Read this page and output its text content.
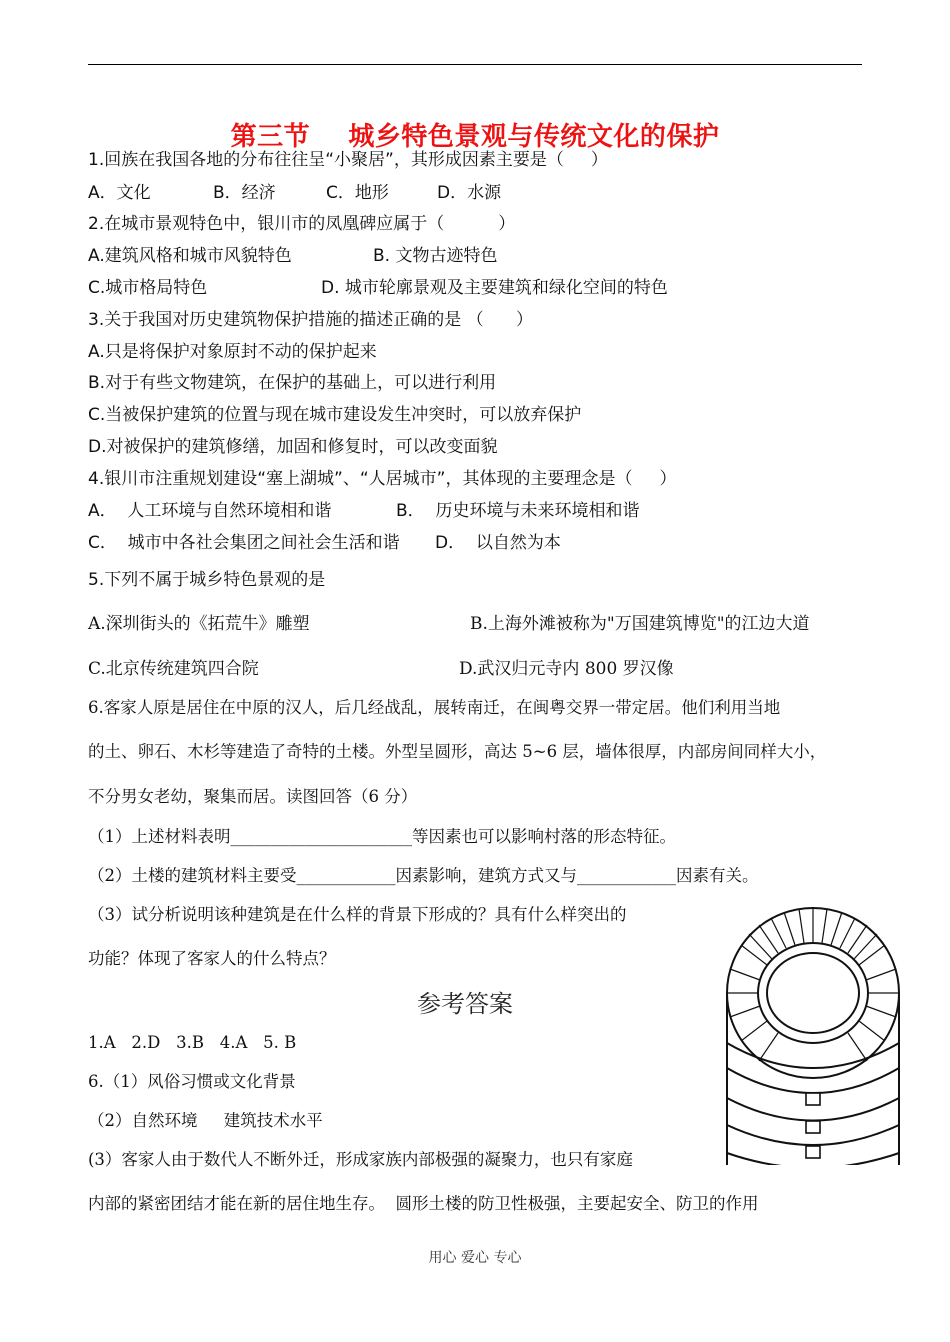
第三节    城乡特色景观与传统文化的保护
1.回族在我国各地的分布往往呈“小聚居”，其形成因素主要是（     ）
A．文化	B．经济	C．地形	D．水源
2.在城市景观特色中，银川市的凤凰碑应属于（          ）
A.建筑风格和城市风貌特色	B. 文物古迹特色
C.城市格局特色	D. 城市轮廓景观及主要建筑和绿化空间的特色
3.关于我国对历史建筑物保护措施的描述正确的是 （      ）
A.只是将保护对象原封不动的保护起来
B.对于有些文物建筑，在保护的基础上，可以进行利用
C.当被保护建筑的位置与现在城市建设发生冲突时，可以放弃保护
D.对被保护的建筑修缮，加固和修复时，可以改变面貌
4.银川市注重规划建设“塞上湖城”、“人居城市”，其体现的主要理念是（     ）
A．  人工环境与自然环境相和谐	B．  历史环境与未来环境相和谐
C．  城市中各社会集团之间社会生活和谐 D．  以自然为本
5.下列不属于城乡特色景观的是
A.深圳街头的《拓荒牛》雕塑	B.上海外滩被称为"万国建筑博览"的江边大道
C.北京传统建筑四合院	D.武汉归元寺内 800 罗汉像
6.客家人原是居住在中原的汉人，后几经战乱，展转南迁，在闽粤交界一带定居。他们利用当地
的土、卵石、木杉等建造了奇特的土楼。外型呈圆形，高达 5~6 层，墙体很厚，内部房间同样大小，
不分男女老幼，聚集而居。读图回答（6 分）
（1）上述材料表明______________________等因素也可以影响村落的形态特征。
（2）土楼的建筑材料主要受____________因素影响，建筑方式又与____________因素有关。
（3）试分析说明该种建筑是在什么样的背景下形成的？具有什么样突出的
功能？体现了客家人的什么特点？
参考答案
1.A   2.D   3.B   4.A   5. B
6.（1）风俗习惯或文化背景
（2）自然环境     建筑技术水平
(3）客家人由于数代人不断外迁，形成家族内部极强的凝聚力，也只有家庭
内部的紧密团结才能在新的居住地生存。  圆形土楼的防卫性极强，主要起安全、防卫的作用
用心 爱心 专心
